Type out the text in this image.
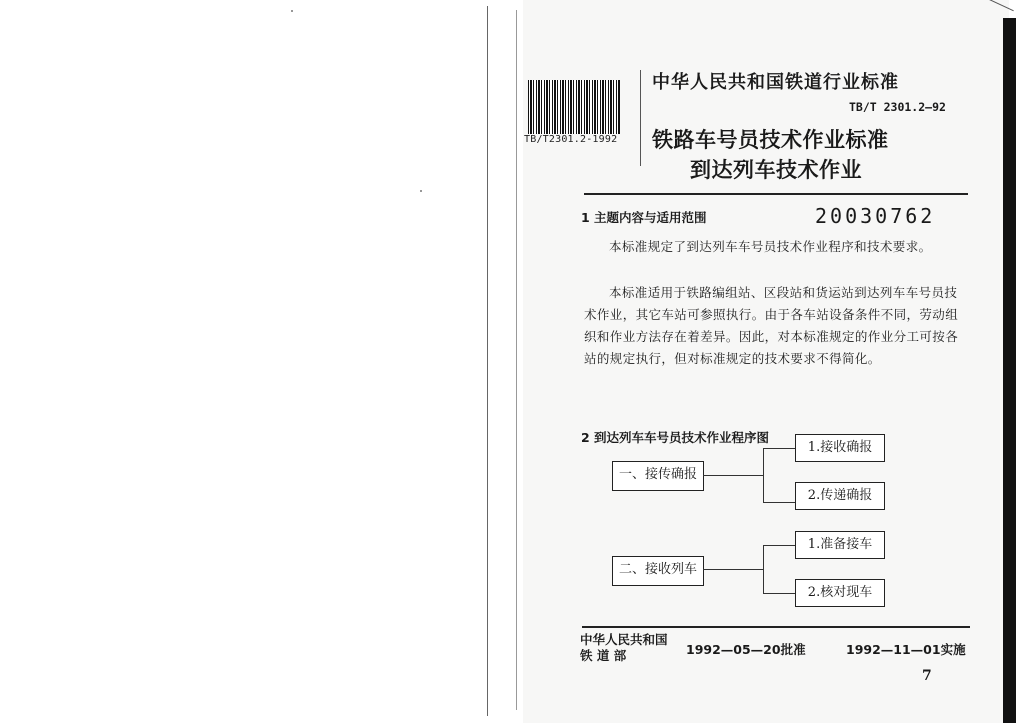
TB/T2301.2-1992
中华人民共和国铁道行业标准
TB/T 2301.2—92
铁路车号员技术作业标准
到达列车技术作业
1 主题内容与适用范围	20030762

本标准规定了到达列车车号员技术作业程序和技术要求。

本标准适用于铁路编组站、区段站和货运站到达列车车号员技术作业，其它车站可参照执行。由于各车站设备条件不同，劳动组织和作业方法存在着差异。因此，对本标准规定的作业分工可按各站的规定执行，但对标准规定的技术要求不得简化。

2 到达列车车号员技术作业程序图
一、接传确报
1.接收确报
2.传递确报
二、接收列车
1.准备接车
2.核对现车
中华人民共和国
铁 道 部	1992—05—20批准	1992—11—01实施
7
